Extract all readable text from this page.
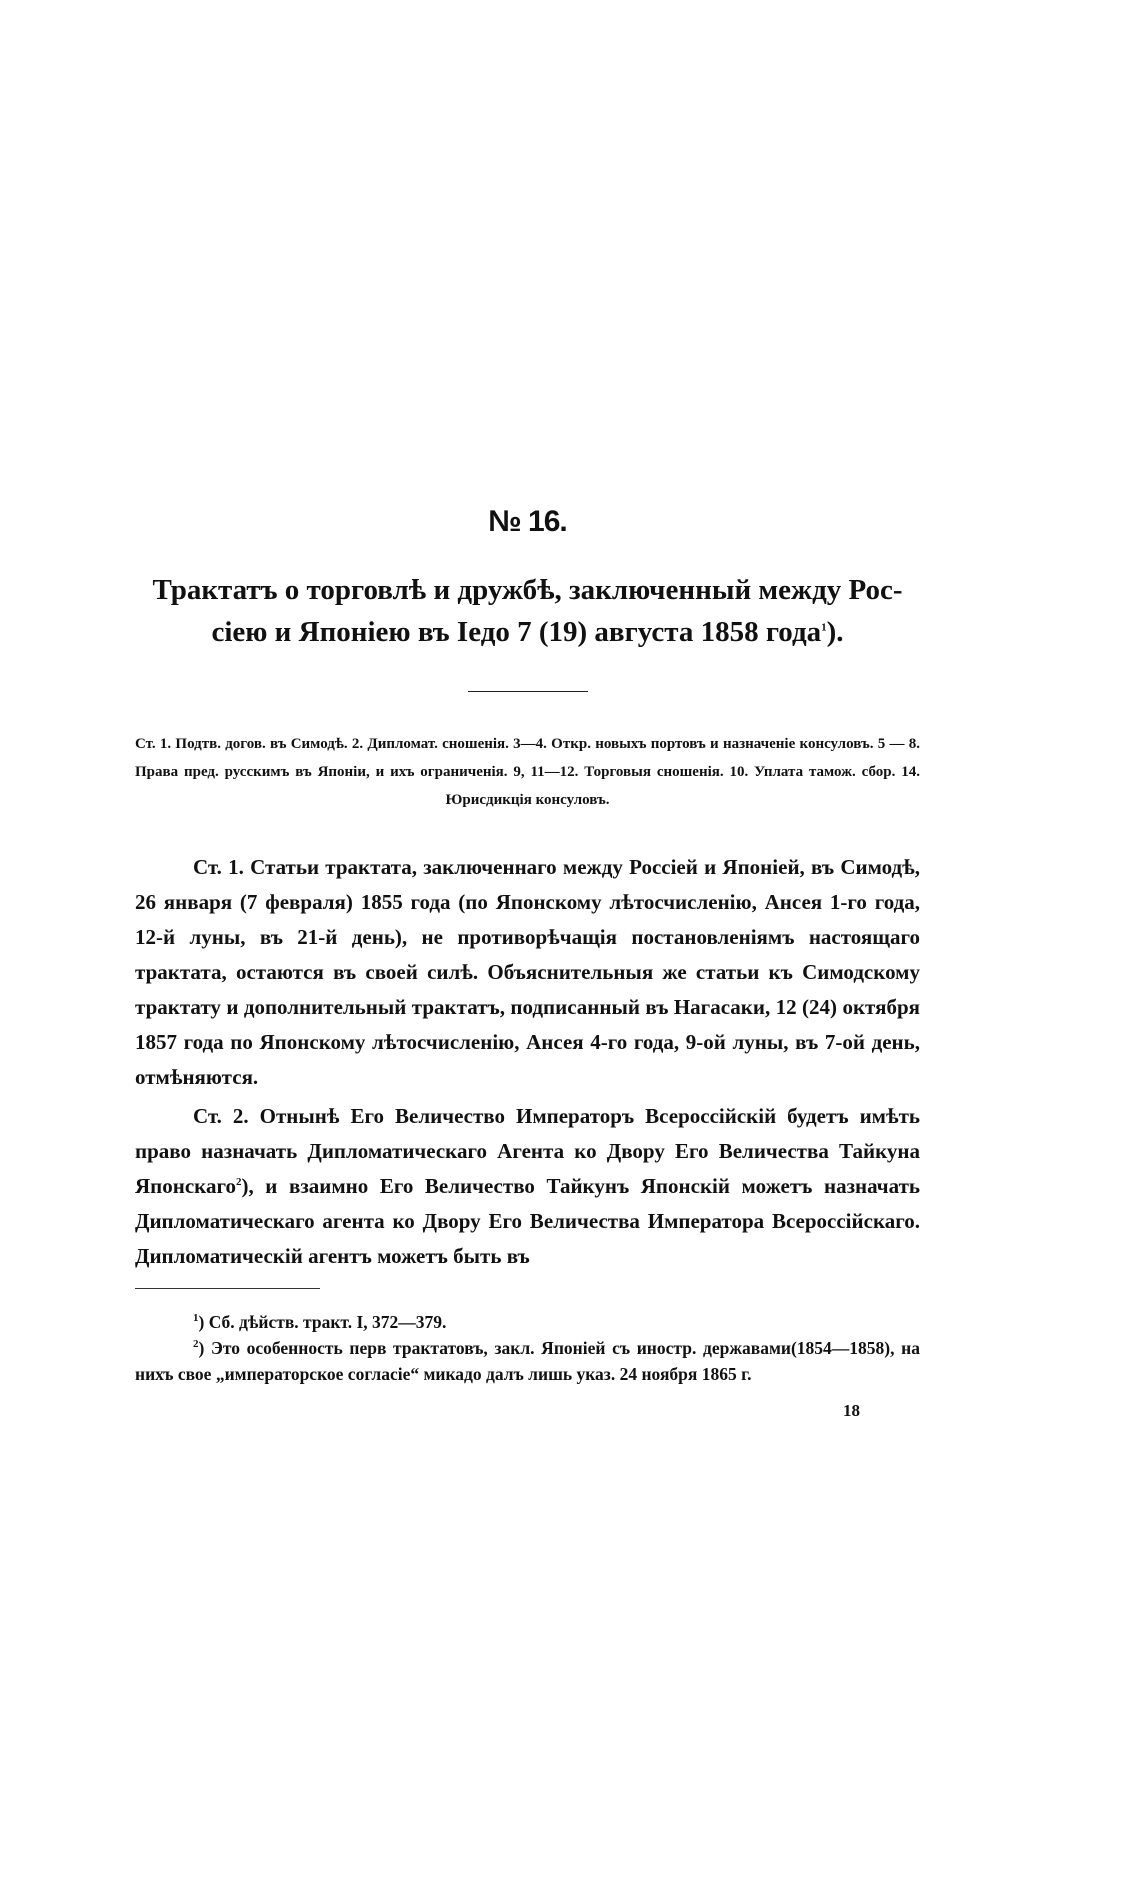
№ 16.
Трактатъ о торговлѣ и дружбѣ, заключенный между Рос-
сіею и Японіею въ Іедо 7 (19) августа 1858 года$^1$).

Ст. 1. Подтв. догов. въ Симодѣ. 2. Дипломат. сношенія. 3—4. Откр. новыхъ портовъ и назначеніе консуловъ. 5 — 8. Права пред. русскимъ въ Японіи, и ихъ ограниченія. 9, 11—12. Торговыя сношенія. 10. Уплата тамож. сбор. 14. Юрисдикція консуловъ.

Ст. 1. Статьи трактата, заключеннаго между Россіей и Японіей, въ Симодѣ, 26 января (7 февраля) 1855 года (по Японскому лѣтосчисленію, Ансея 1-го года, 12-й луны, въ 21-й день), не противорѣчащія постановленіямъ настоящаго трактата, остаются въ своей силѣ. Объяснительныя же статьи къ Симодскому трактату и дополнительный трактатъ, подписанный въ Нагасаки, 12 (24) октября 1857 года по Японскому лѣтосчисленію, Ансея 4-го года, 9-ой луны, въ 7-ой день, отмѣняются.

Ст. 2. Отнынѣ Его Величество Императоръ Всероссійскій будетъ имѣть право назначать Дипломатическаго Агента ко Двору Его Величества Тайкуна Японскаго$^2$), и взаимно Его Величество Тайкунъ Японскій можетъ назначать Дипломатическаго агента ко Двору Его Величества Императора Всероссійскаго. Дипломатическій агентъ можетъ быть въ

$^1$) Сб. дѣйств. тракт. I, 372—379.

$^2$) Это особенность перв трактатовъ, закл. Японіей съ иностр. державами(1854—1858), на нихъ свое „императорское согласіе“ микадо далъ лишь указ. 24 ноября 1865 г.

18
